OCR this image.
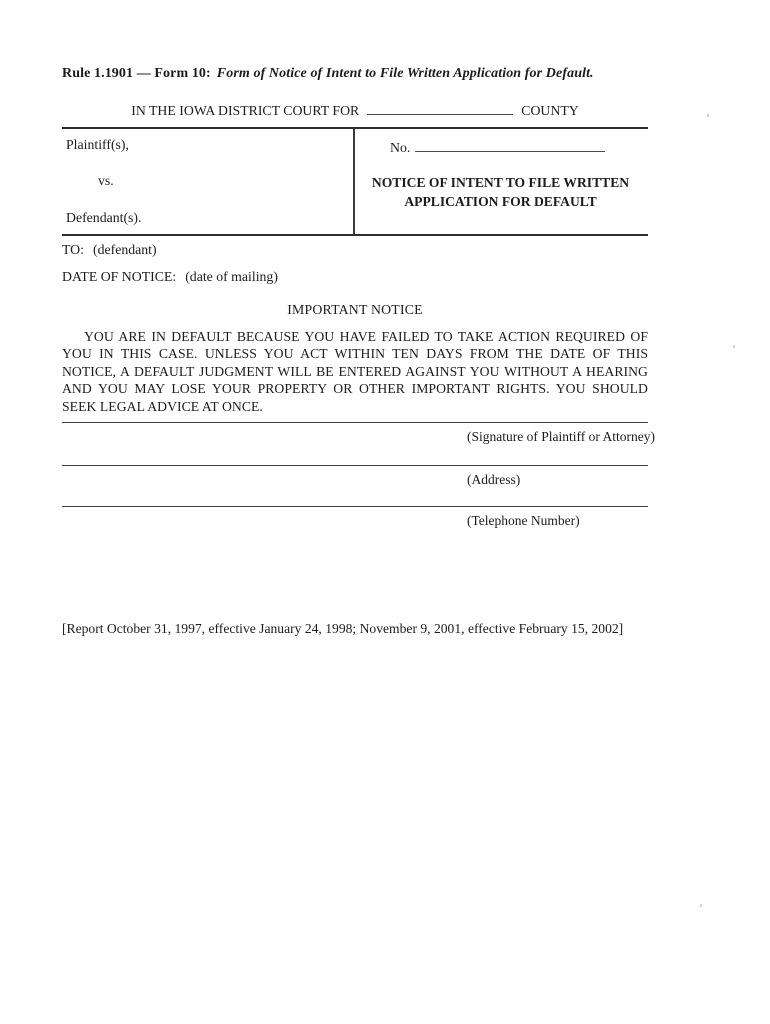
Rule 1.1901 — Form 10: Form of Notice of Intent to File Written Application for Default.
IN THE IOWA DISTRICT COURT FOR	COUNTY
Plaintiff(s),
vs.
Defendant(s).
No.
NOTICE OF INTENT TO FILE WRITTEN
APPLICATION FOR DEFAULT
TO: (defendant)
DATE OF NOTICE: (date of mailing)
IMPORTANT NOTICE

YOU ARE IN DEFAULT BECAUSE YOU HAVE FAILED TO TAKE ACTION REQUIRED OF YOU IN THIS CASE. UNLESS YOU ACT WITHIN TEN DAYS FROM THE DATE OF THIS NOTICE, A DEFAULT JUDGMENT WILL BE ENTERED AGAINST YOU WITHOUT A HEARING AND YOU MAY LOSE YOUR PROPERTY OR OTHER IMPORTANT RIGHTS. YOU SHOULD SEEK LEGAL ADVICE AT ONCE.

(Signature of Plaintiff or Attorney)
(Address)
(Telephone Number)
[Report October 31, 1997, effective January 24, 1998; November 9, 2001, effective February 15, 2002]
